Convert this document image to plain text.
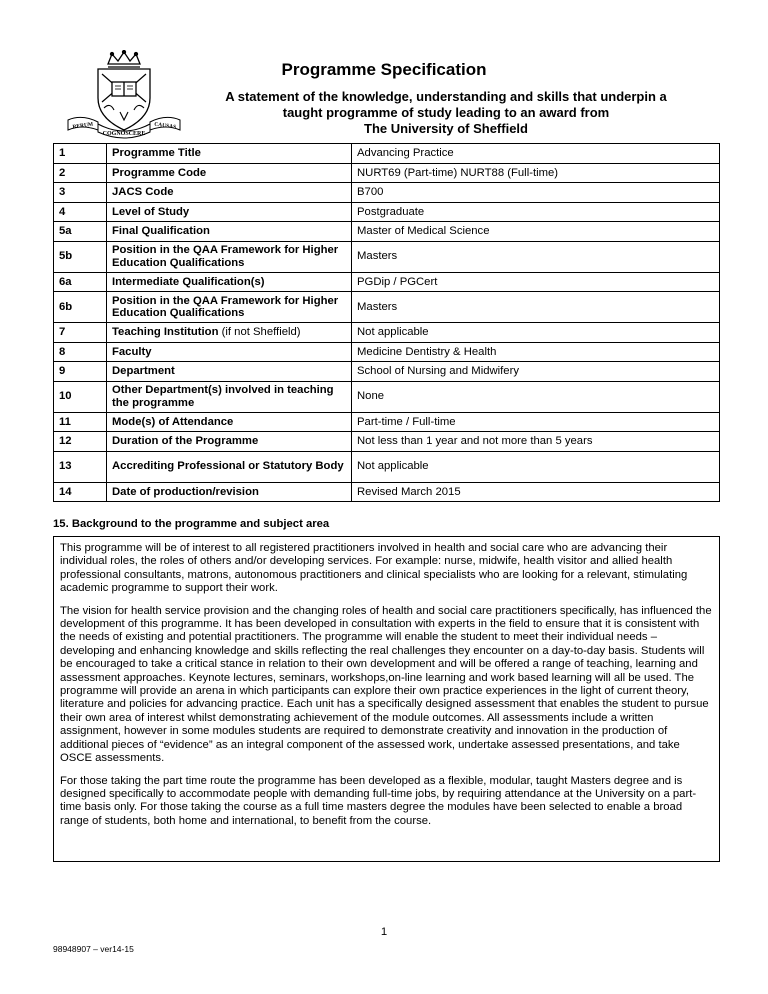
RERUM
COGNOSCERE
CAUSAS
Programme Specification
A statement of the knowledge, understanding and skills that underpin a
taught programme of study leading to an award from
The University of Sheffield
1	Programme Title	Advancing Practice
2	Programme Code	NURT69 (Part-time) NURT88 (Full-time)
3	JACS Code	B700
4	Level of Study	Postgraduate
5a	Final Qualification	Master of Medical Science
5b	Position in the QAA Framework for Higher Education Qualifications	Masters
6a	Intermediate Qualification(s)	PGDip / PGCert
6b	Position in the QAA Framework for Higher Education Qualifications	Masters
7	Teaching Institution (if not Sheffield)	Not applicable
8	Faculty	Medicine Dentistry & Health
9	Department	School of Nursing and Midwifery
10	Other Department(s) involved in teaching the programme	None
11	Mode(s) of Attendance	Part-time / Full-time
12	Duration of the Programme	Not less than 1 year and not more than 5 years
13	Accrediting Professional or Statutory Body	Not applicable
14	Date of production/revision	Revised March 2015
15. Background to the programme and subject area

This programme will be of interest to all registered practitioners involved in health and social care who are advancing their individual roles, the roles of others and/or developing services. For example: nurse, midwife, health visitor and allied health professional consultants, matrons, autonomous practitioners and clinical specialists who are looking for a relevant, stimulating academic programme to support their work.

The vision for health service provision and the changing roles of health and social care practitioners specifically, has influenced the development of this programme. It has been developed in consultation with experts in the field to ensure that it is consistent with the needs of existing and potential practitioners. The programme will enable the student to meet their individual needs – developing and enhancing knowledge and skills reflecting the real challenges they encounter on a day-to-day basis. Students will be encouraged to take a critical stance in relation to their own development and will be offered a range of teaching, learning and assessment approaches. Keynote lectures, seminars, workshops,on-line learning and work based learning will all be used. The programme will provide an arena in which participants can explore their own practice experiences in the light of current theory, literature and policies for advancing practice. Each unit has a specifically designed assessment that enables the student to pursue their own area of interest whilst demonstrating achievement of the module outcomes. All assessments include a written assignment, however in some modules students are required to demonstrate creativity and innovation in the production of additional pieces of “evidence” as an integral component of the assessed work, undertake assessed presentations, and take OSCE assessments.

For those taking the part time route the programme has been developed as a flexible, modular, taught Masters degree and is designed specifically to accommodate people with demanding full-time jobs, by requiring attendance at the University on a part-time basis only. For those taking the course as a full time masters degree the modules have been selected to enable a broad range of students, both home and international, to benefit from the course.

1
98948907 – ver14-15
